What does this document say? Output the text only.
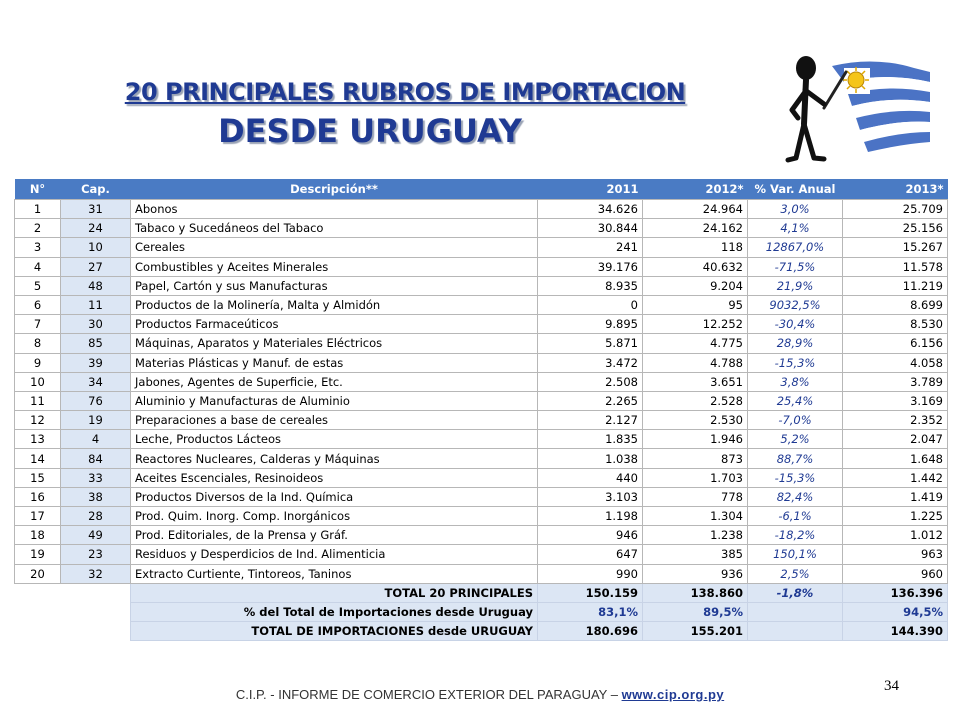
20 PRINCIPALES RUBROS DE IMPORTACION
DESDE URUGUAY
N°	Cap.	Descripción**	2011	2012*	% Var. Anual	2013*
1	31	Abonos	34.626	24.964	3,0%	25.709
2	24	Tabaco y Sucedáneos del Tabaco	30.844	24.162	4,1%	25.156
3	10	Cereales	241	118	12867,0%	15.267
4	27	Combustibles y Aceites Minerales	39.176	40.632	-71,5%	11.578
5	48	Papel, Cartón y sus Manufacturas	8.935	9.204	21,9%	11.219
6	11	Productos de la Molinería, Malta y Almidón	0	95	9032,5%	8.699
7	30	Productos Farmaceúticos	9.895	12.252	-30,4%	8.530
8	85	Máquinas, Aparatos y Materiales Eléctricos	5.871	4.775	28,9%	6.156
9	39	Materias Plásticas y Manuf. de estas	3.472	4.788	-15,3%	4.058
10	34	Jabones, Agentes de Superficie, Etc.	2.508	3.651	3,8%	3.789
11	76	Aluminio y Manufacturas de Aluminio	2.265	2.528	25,4%	3.169
12	19	Preparaciones a base de cereales	2.127	2.530	-7,0%	2.352
13	4	Leche, Productos Lácteos	1.835	1.946	5,2%	2.047
14	84	Reactores Nucleares, Calderas y Máquinas	1.038	873	88,7%	1.648
15	33	Aceites Escenciales, Resinoideos	440	1.703	-15,3%	1.442
16	38	Productos Diversos de la Ind. Química	3.103	778	82,4%	1.419
17	28	Prod. Quim. Inorg. Comp. Inorgánicos	1.198	1.304	-6,1%	1.225
18	49	Prod. Editoriales, de la Prensa y Gráf.	946	1.238	-18,2%	1.012
19	23	Residuos y Desperdicios de Ind. Alimenticia	647	385	150,1%	963
20	32	Extracto Curtiente, Tintoreos, Taninos	990	936	2,5%	960
		TOTAL 20 PRINCIPALES	150.159	138.860	-1,8%	136.396
		% del Total de Importaciones desde Uruguay	83,1%	89,5%		94,5%
		TOTAL DE IMPORTACIONES desde URUGUAY	180.696	155.201		144.390
C.I.P. - INFORME DE COMERCIO EXTERIOR DEL PARAGUAY – www.cip.org.py
34
